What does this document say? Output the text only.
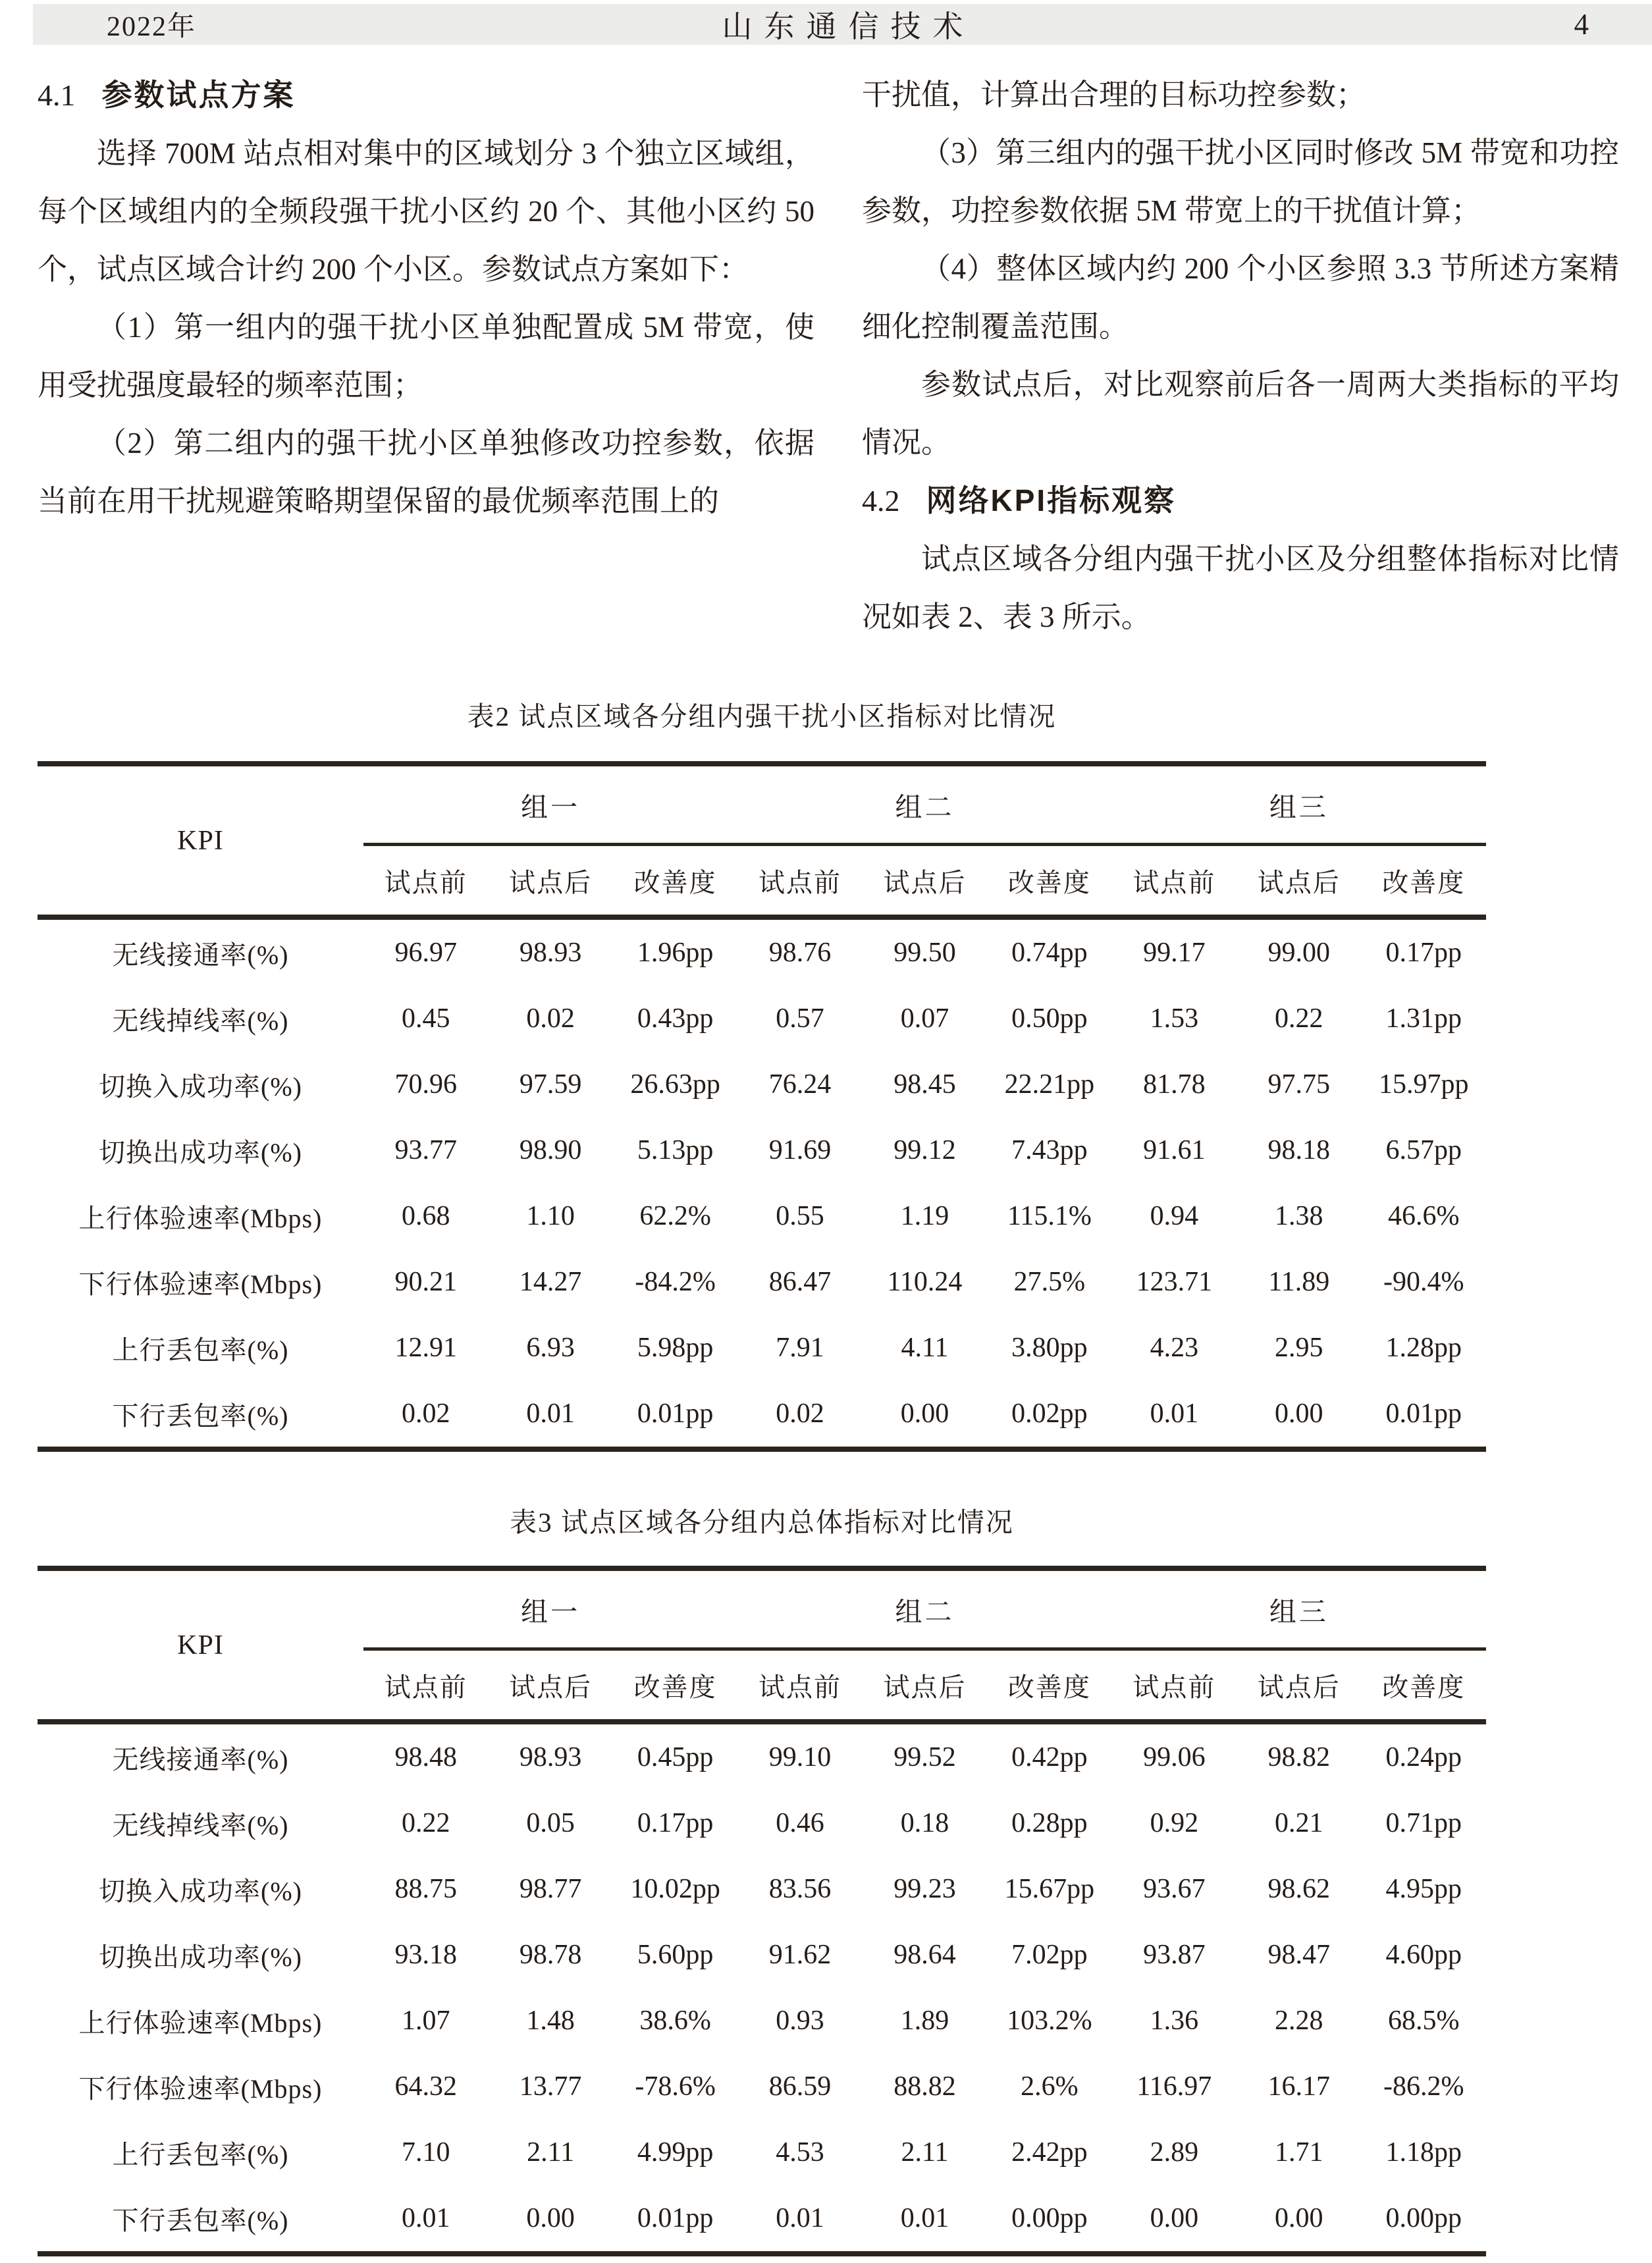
2022年	山东通信技术	4
4.1 参数试点方案

选择 700M 站点相对集中的区域划分 3 个独立区域组，每个区域组内的全频段强干扰小区约 20 个、其他小区约 50 个，试点区域合计约 200 个小区。参数试点方案如下：

（1）第一组内的强干扰小区单独配置成 5M 带宽，使用受扰强度最轻的频率范围；

（2）第二组内的强干扰小区单独修改功控参数，依据当前在用干扰规避策略期望保留的最优频率范围上的

干扰值，计算出合理的目标功控参数；

（3）第三组内的强干扰小区同时修改 5M 带宽和功控参数，功控参数依据 5M 带宽上的干扰值计算；

（4）整体区域内约 200 个小区参照 3.3 节所述方案精细化控制覆盖范围。

参数试点后，对比观察前后各一周两大类指标的平均情况。

4.2 网络KPI指标观察

试点区域各分组内强干扰小区及分组整体指标对比情况如表 2、表 3 所示。

表2 试点区域各分组内强干扰小区指标对比情况
KPI	组一			组二			组三		
	试点前	试点后	改善度	试点前	试点后	改善度	试点前	试点后	改善度
无线接通率(%)	96.97	98.93	1.96pp	98.76	99.50	0.74pp	99.17	99.00	0.17pp
无线掉线率(%)	0.45	0.02	0.43pp	0.57	0.07	0.50pp	1.53	0.22	1.31pp
切换入成功率(%)	70.96	97.59	26.63pp	76.24	98.45	22.21pp	81.78	97.75	15.97pp
切换出成功率(%)	93.77	98.90	5.13pp	91.69	99.12	7.43pp	91.61	98.18	6.57pp
上行体验速率(Mbps)	0.68	1.10	62.2%	0.55	1.19	115.1%	0.94	1.38	46.6%
下行体验速率(Mbps)	90.21	14.27	-84.2%	86.47	110.24	27.5%	123.71	11.89	-90.4%
上行丢包率(%)	12.91	6.93	5.98pp	7.91	4.11	3.80pp	4.23	2.95	1.28pp
下行丢包率(%)	0.02	0.01	0.01pp	0.02	0.00	0.02pp	0.01	0.00	0.01pp
表3 试点区域各分组内总体指标对比情况
KPI	组一			组二			组三		
	试点前	试点后	改善度	试点前	试点后	改善度	试点前	试点后	改善度
无线接通率(%)	98.48	98.93	0.45pp	99.10	99.52	0.42pp	99.06	98.82	0.24pp
无线掉线率(%)	0.22	0.05	0.17pp	0.46	0.18	0.28pp	0.92	0.21	0.71pp
切换入成功率(%)	88.75	98.77	10.02pp	83.56	99.23	15.67pp	93.67	98.62	4.95pp
切换出成功率(%)	93.18	98.78	5.60pp	91.62	98.64	7.02pp	93.87	98.47	4.60pp
上行体验速率(Mbps)	1.07	1.48	38.6%	0.93	1.89	103.2%	1.36	2.28	68.5%
下行体验速率(Mbps)	64.32	13.77	-78.6%	86.59	88.82	2.6%	116.97	16.17	-86.2%
上行丢包率(%)	7.10	2.11	4.99pp	4.53	2.11	2.42pp	2.89	1.71	1.18pp
下行丢包率(%)	0.01	0.00	0.01pp	0.01	0.01	0.00pp	0.00	0.00	0.00pp
